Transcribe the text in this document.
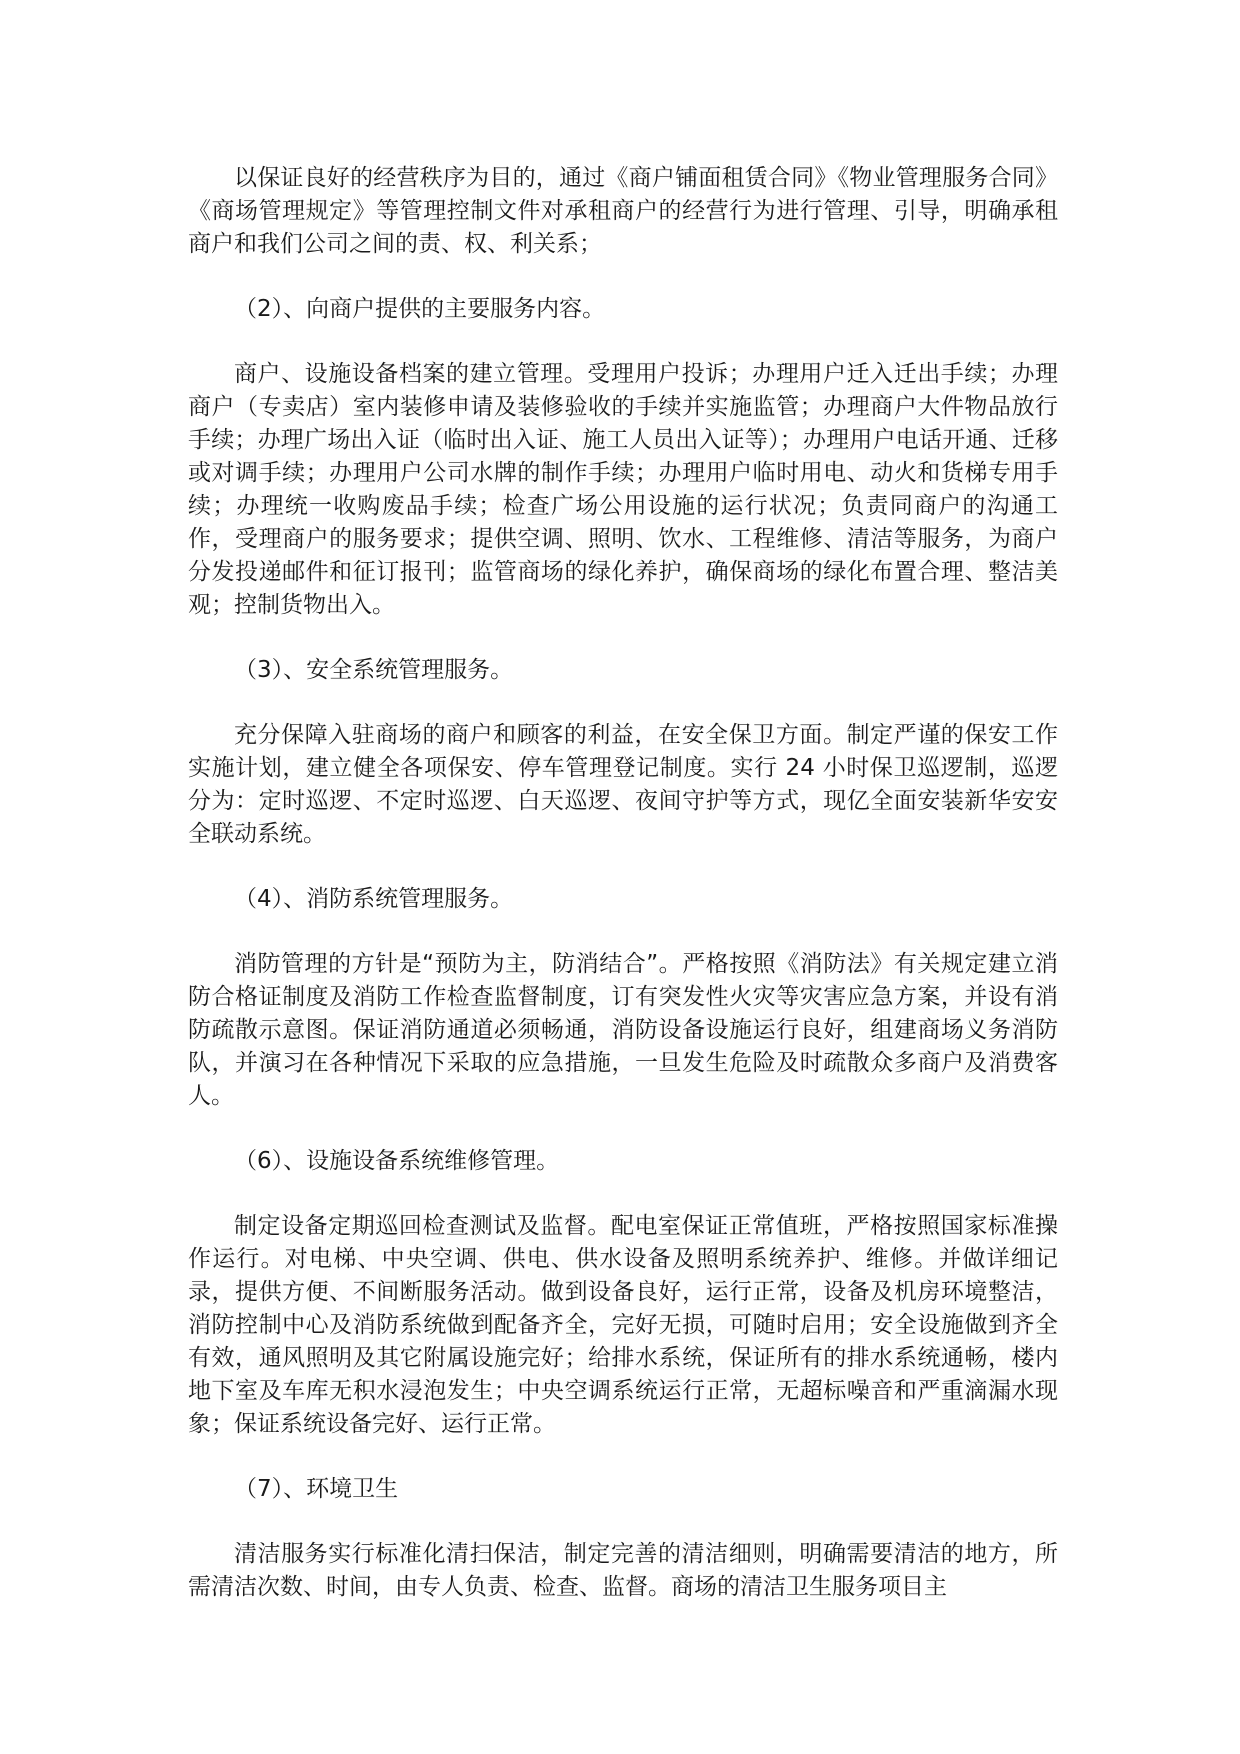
以保证良好的经营秩序为目的，通过《商户铺面租赁合同》《物业管理服务合同》《商场管理规定》等管理控制文件对承租商户的经营行为进行管理、引导，明确承租商户和我们公司之间的责、权、利关系；

（2）、向商户提供的主要服务内容。

商户、设施设备档案的建立管理。受理用户投诉；办理用户迁入迁出手续；办理商户（专卖店）室内装修申请及装修验收的手续并实施监管；办理商户大件物品放行手续；办理广场出入证（临时出入证、施工人员出入证等）；办理用户电话开通、迁移或对调手续；办理用户公司水牌的制作手续；办理用户临时用电、动火和货梯专用手续；办理统一收购废品手续；检查广场公用设施的运行状况；负责同商户的沟通工作，受理商户的服务要求；提供空调、照明、饮水、工程维修、清洁等服务，为商户分发投递邮件和征订报刊；监管商场的绿化养护，确保商场的绿化布置合理、整洁美观；控制货物出入。

（3）、安全系统管理服务。

充分保障入驻商场的商户和顾客的利益，在安全保卫方面。制定严谨的保安工作实施计划，建立健全各项保安、停车管理登记制度。实行 24 小时保卫巡逻制，巡逻分为：定时巡逻、不定时巡逻、白天巡逻、夜间守护等方式，现亿全面安装新华安安全联动系统。

（4）、消防系统管理服务。

消防管理的方针是“预防为主，防消结合”。严格按照《消防法》有关规定建立消防合格证制度及消防工作检查监督制度，订有突发性火灾等灾害应急方案，并设有消防疏散示意图。保证消防通道必须畅通，消防设备设施运行良好，组建商场义务消防队，并演习在各种情况下采取的应急措施，一旦发生危险及时疏散众多商户及消费客人。

（6）、设施设备系统维修管理。

制定设备定期巡回检查测试及监督。配电室保证正常值班，严格按照国家标准操作运行。对电梯、中央空调、供电、供水设备及照明系统养护、维修。并做详细记录，提供方便、不间断服务活动。做到设备良好，运行正常，设备及机房环境整洁，消防控制中心及消防系统做到配备齐全，完好无损，可随时启用；安全设施做到齐全有效，通风照明及其它附属设施完好；给排水系统，保证所有的排水系统通畅，楼内地下室及车库无积水浸泡发生；中央空调系统运行正常，无超标噪音和严重滴漏水现象；保证系统设备完好、运行正常。

（7）、环境卫生

清洁服务实行标准化清扫保洁，制定完善的清洁细则，明确需要清洁的地方，所需清洁次数、时间，由专人负责、检查、监督。商场的清洁卫生服务项目主
